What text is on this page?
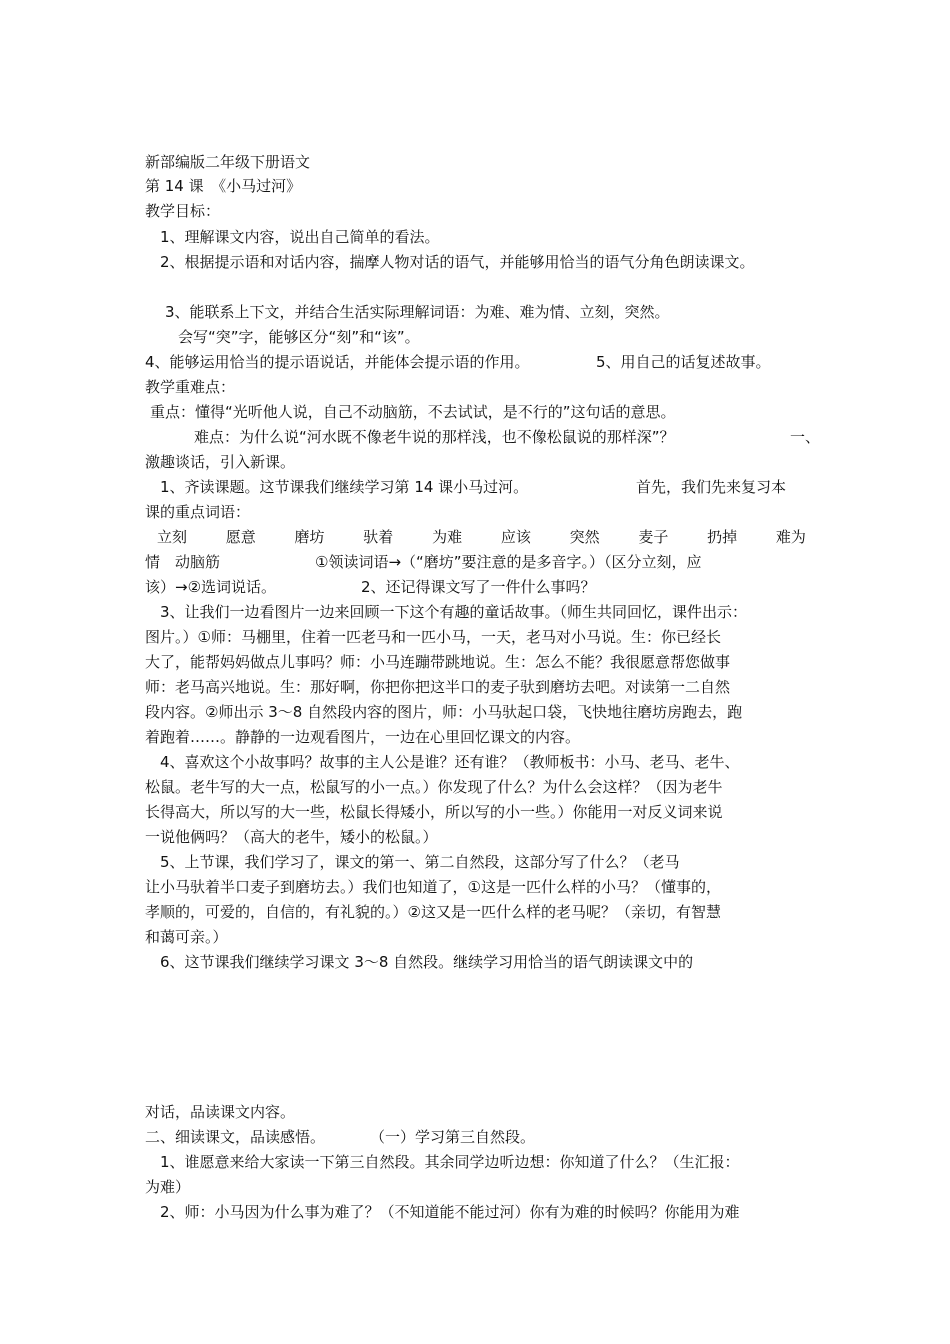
新部编版二年级下册语文
第 14 课　《小马过河》
教学目标：
1、理解课文内容，说出自己简单的看法。
2、根据提示语和对话内容，揣摩人物对话的语气，并能够用恰当的语气分角色朗读课文。
3、能联系上下文，并结合生活实际理解词语：为难、难为情、立刻，突然。
会写“突”字，能够区分“刻”和“该”。
4、能够运用恰当的提示语说话，并能体会提示语的作用。	5、用自己的话复述故事。
教学重难点：
重点：懂得“光听他人说，自己不动脑筋，不去试试，是不行的”这句话的意思。
难点：为什么说“河水既不像老牛说的那样浅，也不像松鼠说的那样深”？	一、
激趣谈话，引入新课。
1、齐读课题。这节课我们继续学习第 14 课小马过河。	首先，我们先来复习本
课的重点词语：
立刻	愿意	磨坊	驮着	为难	应该	突然	麦子	扔掉	难为
情　动脑筋	①领读词语→（“磨坊”要注意的是多音字。）（区分立刻，应
该）→②选词说话。	2、还记得课文写了一件什么事吗？
3、让我们一边看图片一边来回顾一下这个有趣的童话故事。（师生共同回忆，课件出示：
图片。）①师：马棚里，住着一匹老马和一匹小马，一天，老马对小马说。生：你已经长
大了，能帮妈妈做点儿事吗？师：小马连蹦带跳地说。生：怎么不能？我很愿意帮您做事
师：老马高兴地说。生：那好啊，你把你把这半口的麦子驮到磨坊去吧。对读第一二自然
段内容。②师出示 3～8 自然段内容的图片，师：小马驮起口袋，飞快地往磨坊房跑去，跑
着跑着……。静静的一边观看图片，一边在心里回忆课文的内容。
4、喜欢这个小故事吗？故事的主人公是谁？还有谁？（教师板书：小马、老马、老牛、
松鼠。老牛写的大一点，松鼠写的小一点。）你发现了什么？为什么会这样？（因为老牛
长得高大，所以写的大一些，松鼠长得矮小，所以写的小一些。）你能用一对反义词来说
一说他俩吗？（高大的老牛，矮小的松鼠。）
5、上节课，我们学习了，课文的第一、第二自然段，这部分写了什么？（老马
让小马驮着半口麦子到磨坊去。）我们也知道了，①这是一匹什么样的小马？（懂事的，
孝顺的，可爱的，自信的，有礼貌的。）②这又是一匹什么样的老马呢？（亲切，有智慧
和蔼可亲。）
6、这节课我们继续学习课文 3～8 自然段。继续学习用恰当的语气朗读课文中的
对话，品读课文内容。
二、细读课文，品读感悟。	（一）学习第三自然段。
1、谁愿意来给大家读一下第三自然段。其余同学边听边想：你知道了什么？（生汇报：
为难）
2、师：小马因为什么事为难了？（不知道能不能过河）你有为难的时候吗？你能用为难
